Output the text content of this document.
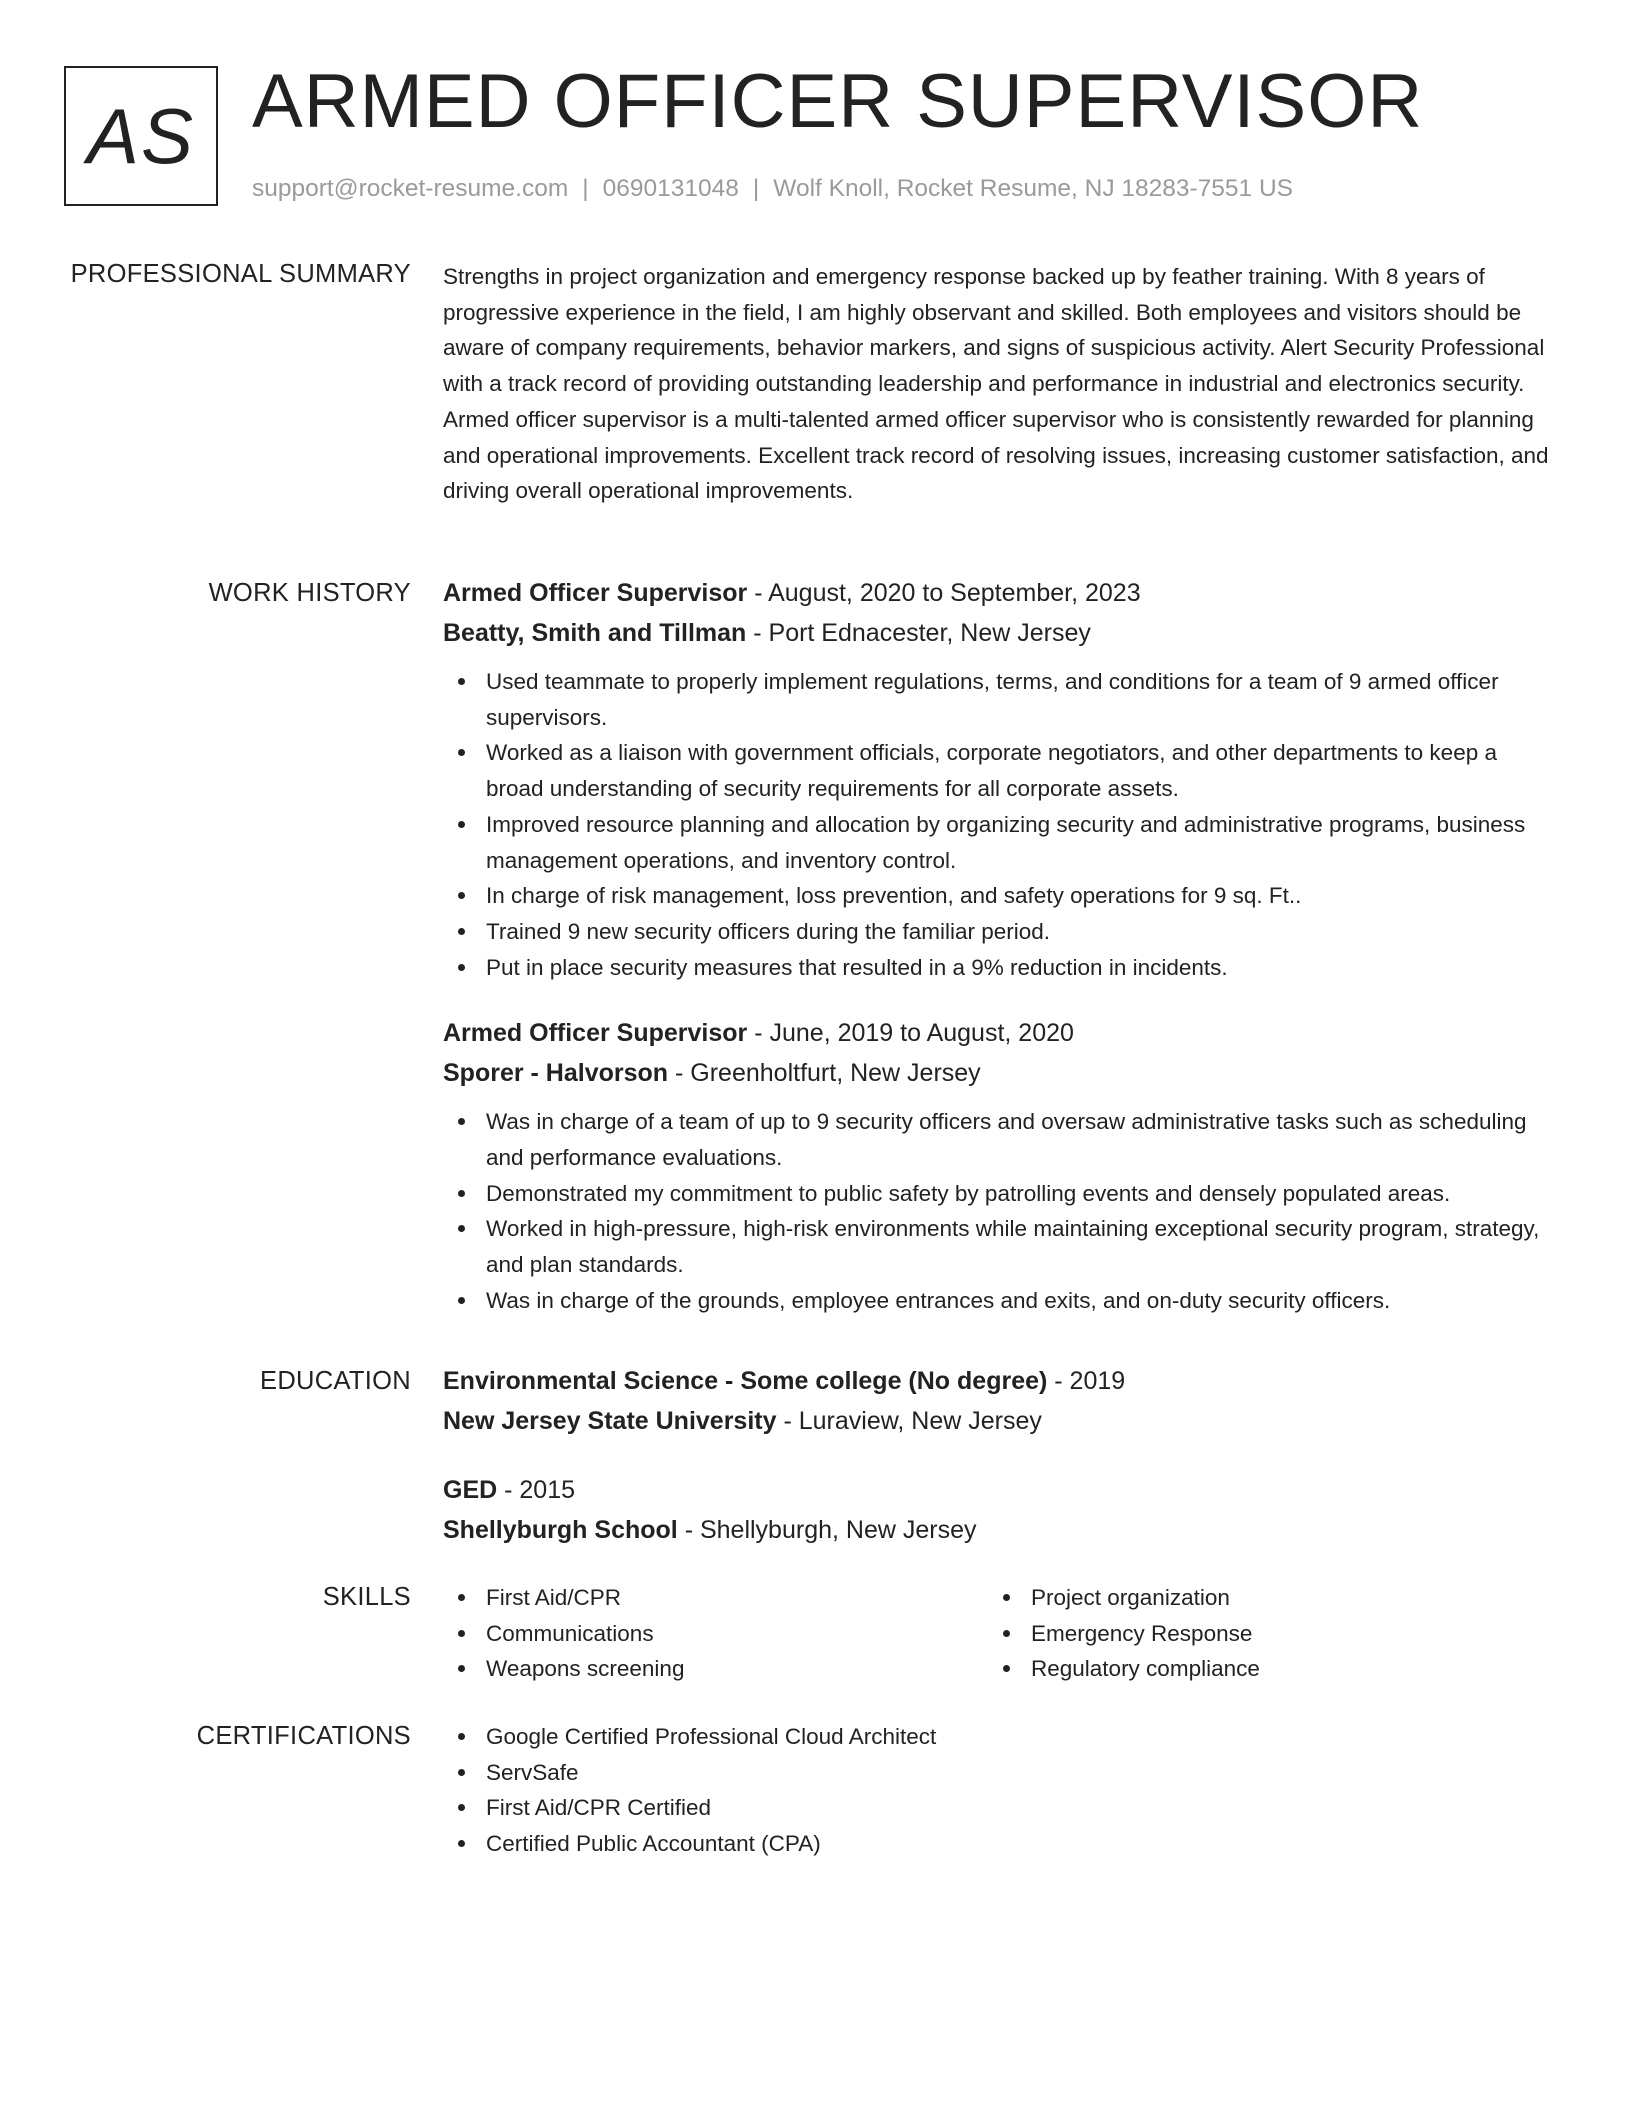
AS ARMED OFFICER SUPERVISOR
support@rocket-resume.com | 0690131048 | Wolf Knoll, Rocket Resume, NJ 18283-7551 US
PROFESSIONAL SUMMARY Strengths in project organization and emergency response backed up by feather training. With 8 years of progressive experience in the field, I am highly observant and skilled. Both employees and visitors should be aware of company requirements, behavior markers, and signs of suspicious activity. Alert Security Professional with a track record of providing outstanding leadership and performance in industrial and electronics security. Armed officer supervisor is a multi-talented armed officer supervisor who is consistently rewarded for planning and operational improvements. Excellent track record of resolving issues, increasing customer satisfaction, and driving overall operational improvements.

WORK HISTORY Armed Officer Supervisor - August, 2020 to September, 2023
Beatty, Smith and Tillman - Port Ednacester, New Jersey
Used teammate to properly implement regulations, terms, and conditions for a team of 9 armed officer supervisors.
Worked as a liaison with government officials, corporate negotiators, and other departments to keep a broad understanding of security requirements for all corporate assets.
Improved resource planning and allocation by organizing security and administrative programs, business management operations, and inventory control.
In charge of risk management, loss prevention, and safety operations for 9 sq. Ft..
Trained 9 new security officers during the familiar period.
Put in place security measures that resulted in a 9% reduction in incidents.
Armed Officer Supervisor - June, 2019 to August, 2020
Sporer - Halvorson - Greenholtfurt, New Jersey
Was in charge of a team of up to 9 security officers and oversaw administrative tasks such as scheduling and performance evaluations.
Demonstrated my commitment to public safety by patrolling events and densely populated areas.
Worked in high-pressure, high-risk environments while maintaining exceptional security program, strategy, and plan standards.
Was in charge of the grounds, employee entrances and exits, and on-duty security officers.
EDUCATION Environmental Science - Some college (No degree) - 2019
New Jersey State University - Luraview, New Jersey
GED - 2015
Shellyburgh School - Shellyburgh, New Jersey
SKILLS	First Aid/CPR
Communications
Weapons screening
Project organization
Emergency Response
Regulatory compliance
CERTIFICATIONS	Google Certified Professional Cloud Architect
ServSafe
First Aid/CPR Certified
Certified Public Accountant (CPA)
